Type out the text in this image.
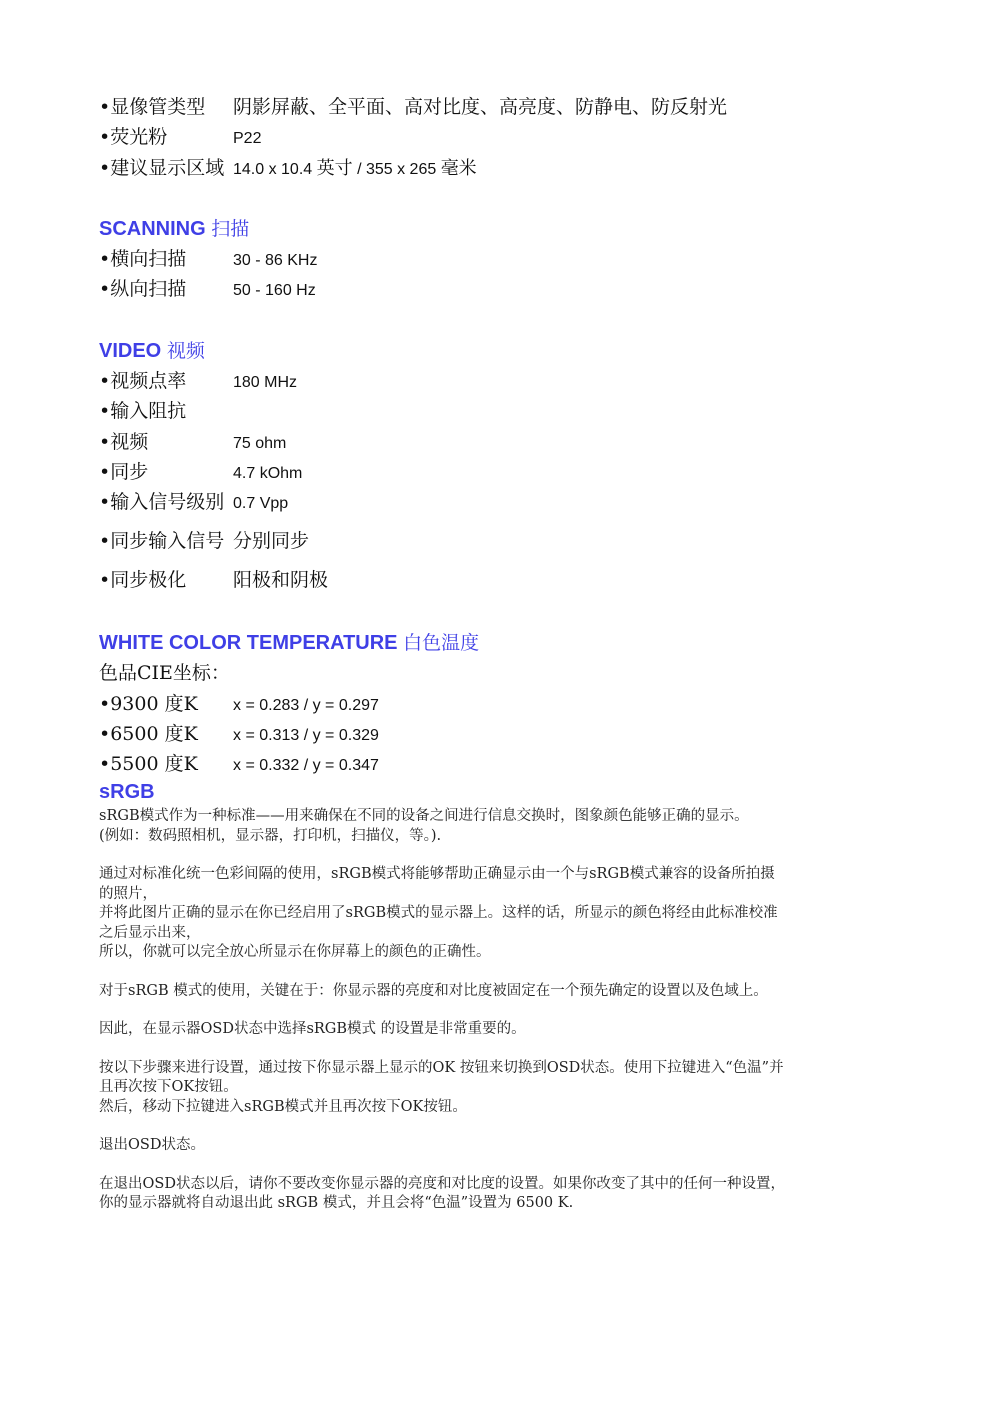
•显像管类型	阴影屏蔽、全平面、高对比度、高亮度、防静电、防反射光
•荧光粉	P22
•建议显示区域 14.0 x 10.4 英寸 / 355 x 265 毫米
SCANNING 扫描
•横向扫描	30 - 86 KHz
•纵向扫描	50 - 160 Hz
VIDEO 视频
•视频点率	180 MHz
•输入阻抗
•视频	75 ohm
•同步	4.7 kOhm
•输入信号级别 0.7 Vpp
•同步输入信号 分别同步
•同步极化	阳极和阴极
WHITE COLOR TEMPERATURE 白色温度
色品CIE坐标：
•9300 度K	x = 0.283 / y = 0.297
•6500 度K	x = 0.313 / y = 0.329
•5500 度K	x = 0.332 / y = 0.347
sRGB

sRGB模式作为一种标准——用来确保在不同的设备之间进行信息交换时，图象颜色能够正确的显示。
(例如：数码照相机，显示器，打印机，扫描仪，等。).

通过对标准化统一色彩间隔的使用，sRGB模式将能够帮助正确显示由一个与sRGB模式兼容的设备所拍摄的照片，
并将此图片正确的显示在你已经启用了sRGB模式的显示器上。这样的话，所显示的颜色将经由此标准校准之后显示出来，
所以，你就可以完全放心所显示在你屏幕上的颜色的正确性。

对于sRGB 模式的使用，关键在于：你显示器的亮度和对比度被固定在一个预先确定的设置以及色域上。

因此，在显示器OSD状态中选择sRGB模式 的设置是非常重要的。

按以下步骤来进行设置，通过按下你显示器上显示的OK 按钮来切换到OSD状态。使用下拉键进入“色温”并且再次按下OK按钮。
然后，移动下拉键进入sRGB模式并且再次按下OK按钮。

退出OSD状态。

在退出OSD状态以后，请你不要改变你显示器的亮度和对比度的设置。如果你改变了其中的任何一种设置，
你的显示器就将自动退出此 sRGB 模式，并且会将“色温”设置为 6500 K.
